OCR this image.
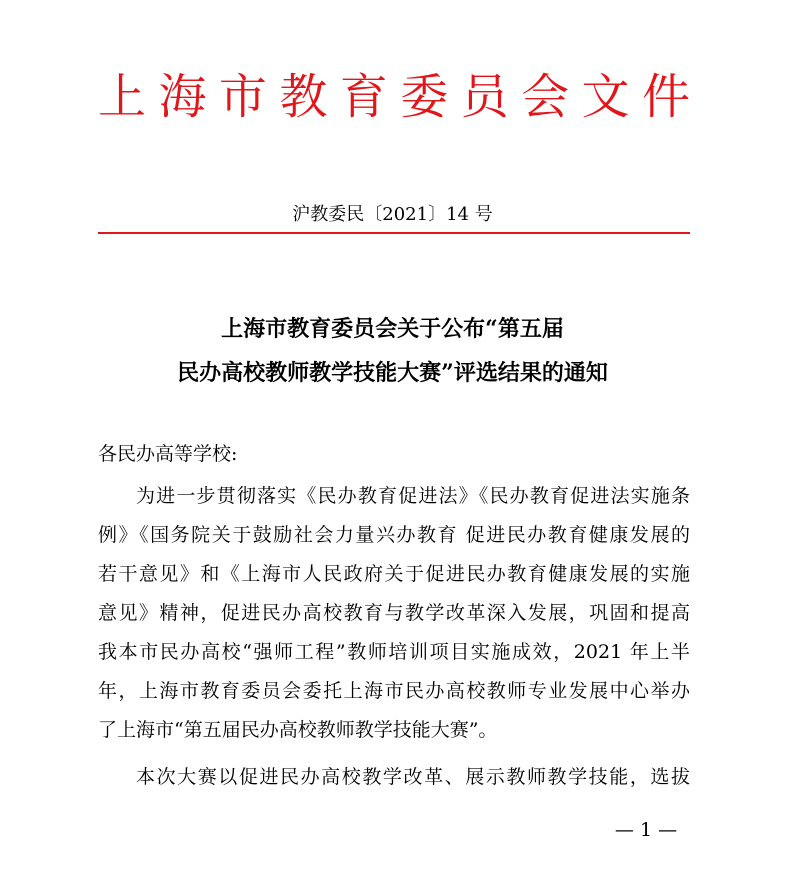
上 海 市 教 育 委 员 会 文 件
沪教委民〔2021〕14 号
上海市教育委员会关于公布“第五届
民办高校教师教学技能大赛”评选结果的通知
各民办高等学校:
为进一步贯彻落实《民办教育促进法》《民办教育促进法实施条
例》《国务院关于鼓励社会力量兴办教育 促进民办教育健康发展的
若干意见》和《上海市人民政府关于促进民办教育健康发展的实施
意见》精神，促进民办高校教育与教学改革深入发展，巩固和提高
我本市民办高校“强师工程”教师培训项目实施成效，2021 年上半
年，上海市教育委员会委托上海市民办高校教师专业发展中心举办
了上海市“第五届民办高校教师教学技能大赛”。
本次大赛以促进民办高校教学改革、展示教师教学技能，选拔
— 1 —
